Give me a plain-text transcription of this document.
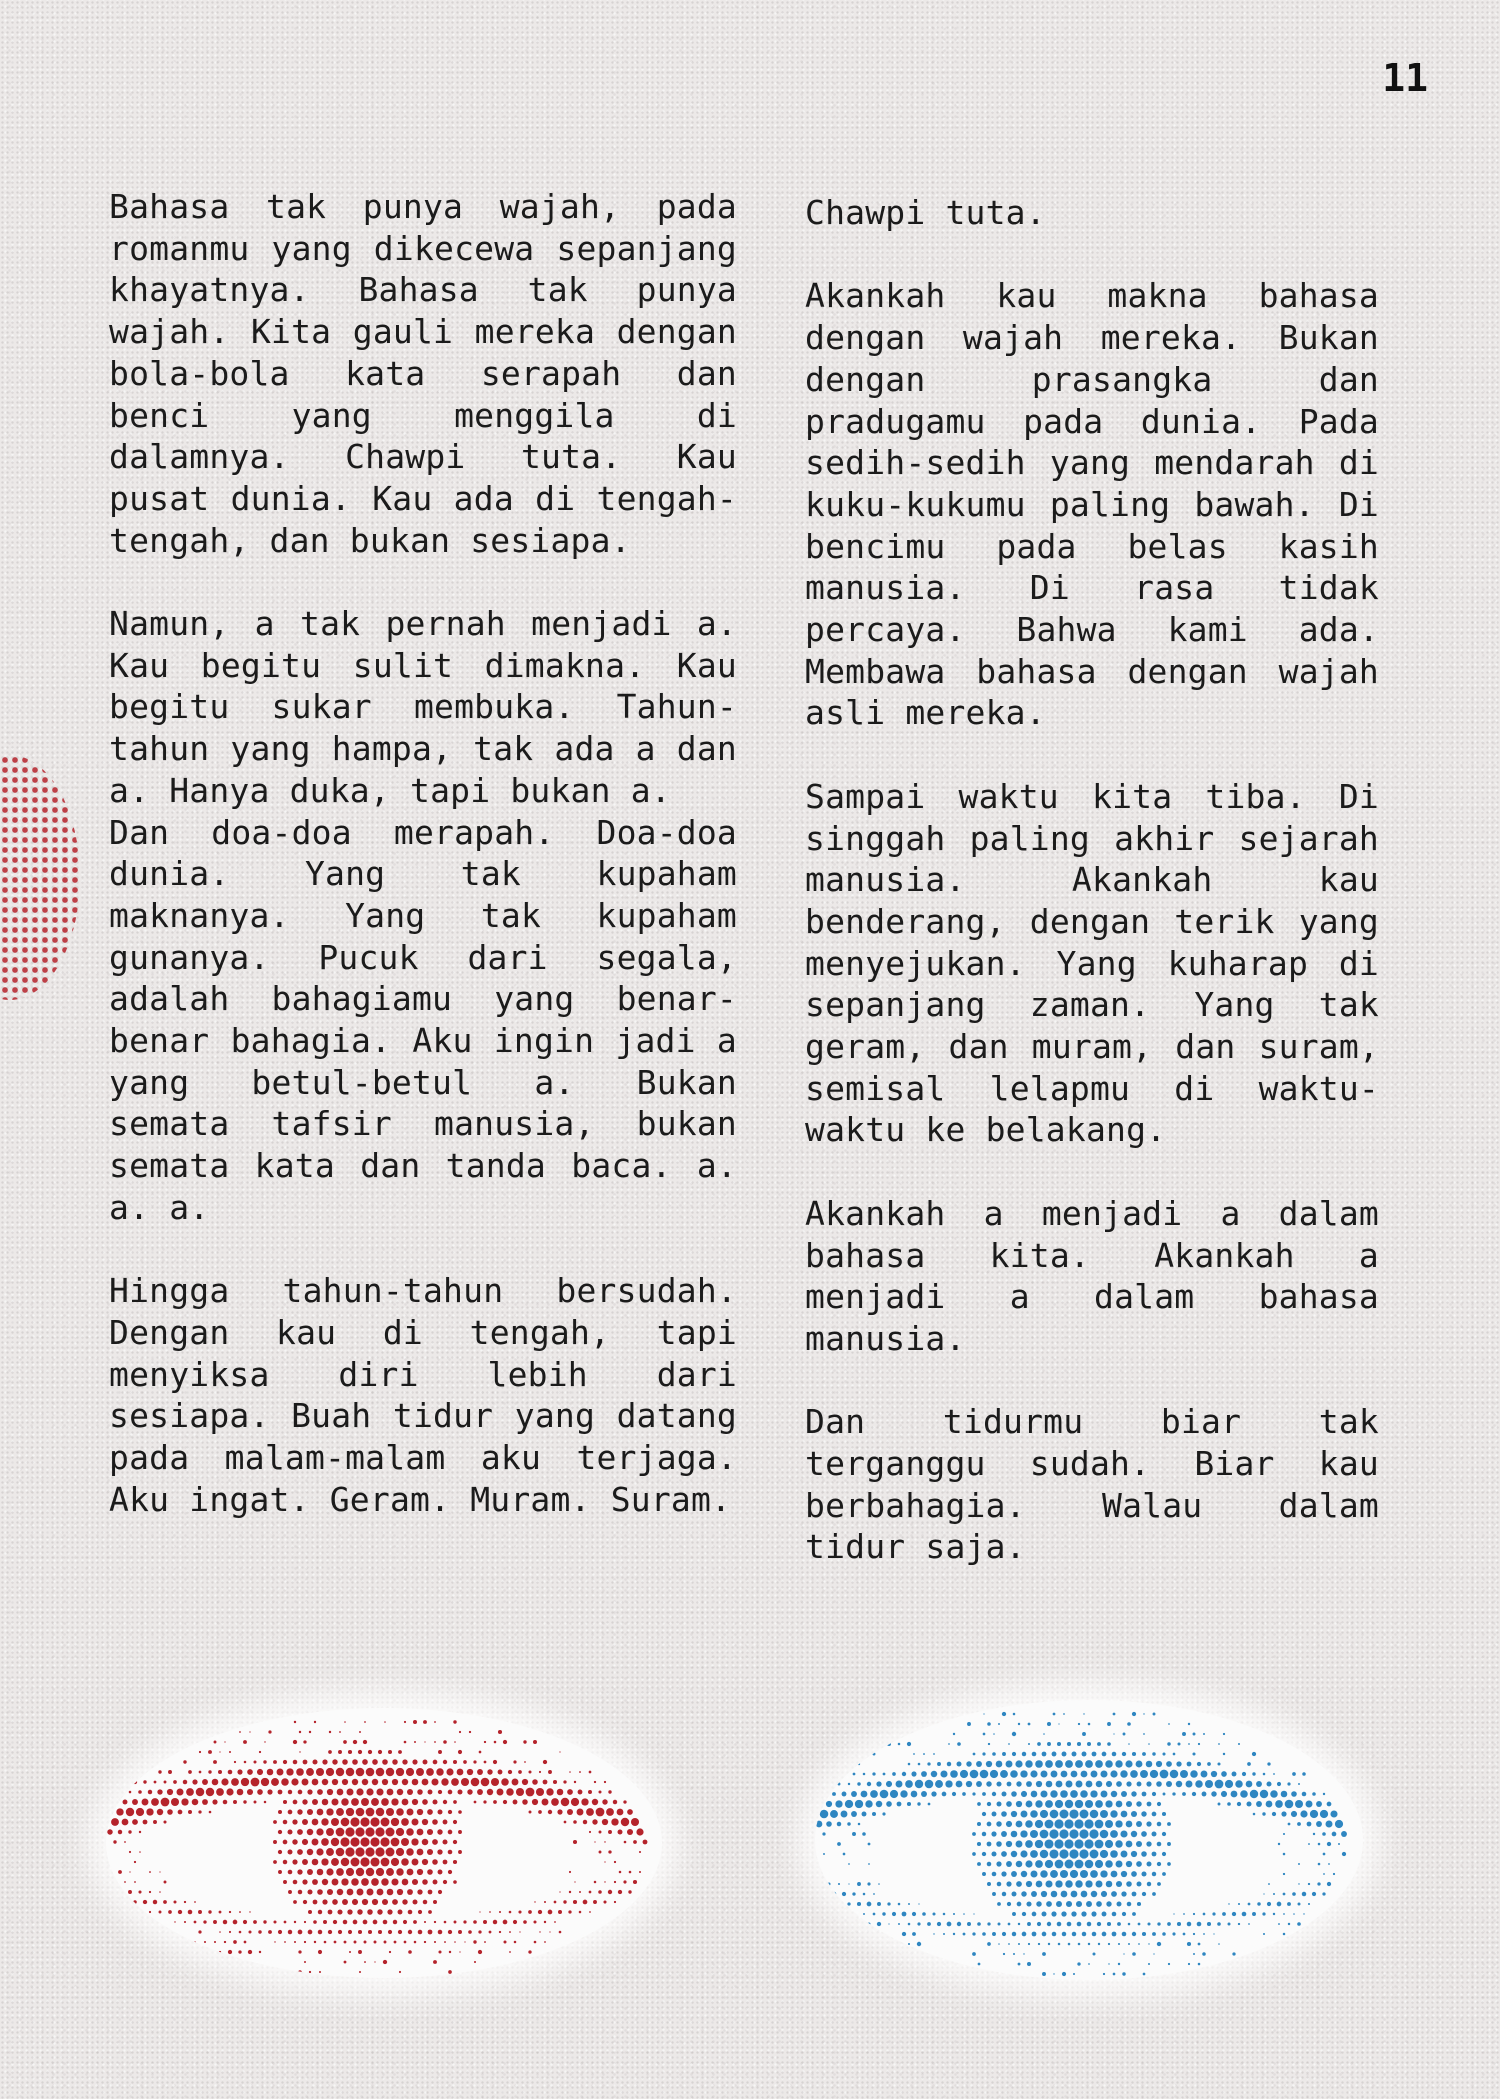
11

Bahasa tak punya wajah, pada romanmu yang dikecewa sepanjang khayatnya. Bahasa tak punya wajah. Kita gauli mereka dengan bola-bola kata serapah dan benci yang menggila di dalamnya. Chawpi tuta. Kau pusat dunia. Kau ada di tengah-tengah, dan bukan sesiapa.

Namun, a tak pernah menjadi a. Kau begitu sulit dimakna. Kau begitu sukar membuka. Tahun-tahun yang hampa, tak ada a dan a. Hanya duka, tapi bukan a.

Dan doa-doa merapah. Doa-doa dunia. Yang tak kupaham maknanya. Yang tak kupaham gunanya. Pucuk dari segala, adalah bahagiamu yang benar-benar bahagia. Aku ingin jadi a yang betul-betul a. Bukan semata tafsir manusia, bukan semata kata dan tanda baca. a. a. a.

Hingga tahun-tahun bersudah. Dengan kau di tengah, tapi menyiksa diri lebih dari sesiapa. Buah tidur yang datang pada malam-malam aku terjaga. Aku ingat. Geram. Muram. Suram.

Chawpi tuta.

Akankah kau makna bahasa dengan wajah mereka. Bukan dengan prasangka dan pradugamu pada dunia. Pada sedih-sedih yang mendarah di kuku-kukumu paling bawah. Di bencimu pada belas kasih manusia. Di rasa tidak percaya. Bahwa kami ada. Membawa bahasa dengan wajah asli mereka.

Sampai waktu kita tiba. Di singgah paling akhir sejarah manusia. Akankah kau benderang, dengan terik yang menyejukan. Yang kuharap di sepanjang zaman. Yang tak geram, dan muram, dan suram, semisal lelapmu di waktu-waktu ke belakang.

Akankah a menjadi a dalam bahasa kita. Akankah a menjadi a dalam bahasa manusia.

Dan tidurmu biar tak terganggu sudah. Biar kau berbahagia. Walau dalam tidur saja.
